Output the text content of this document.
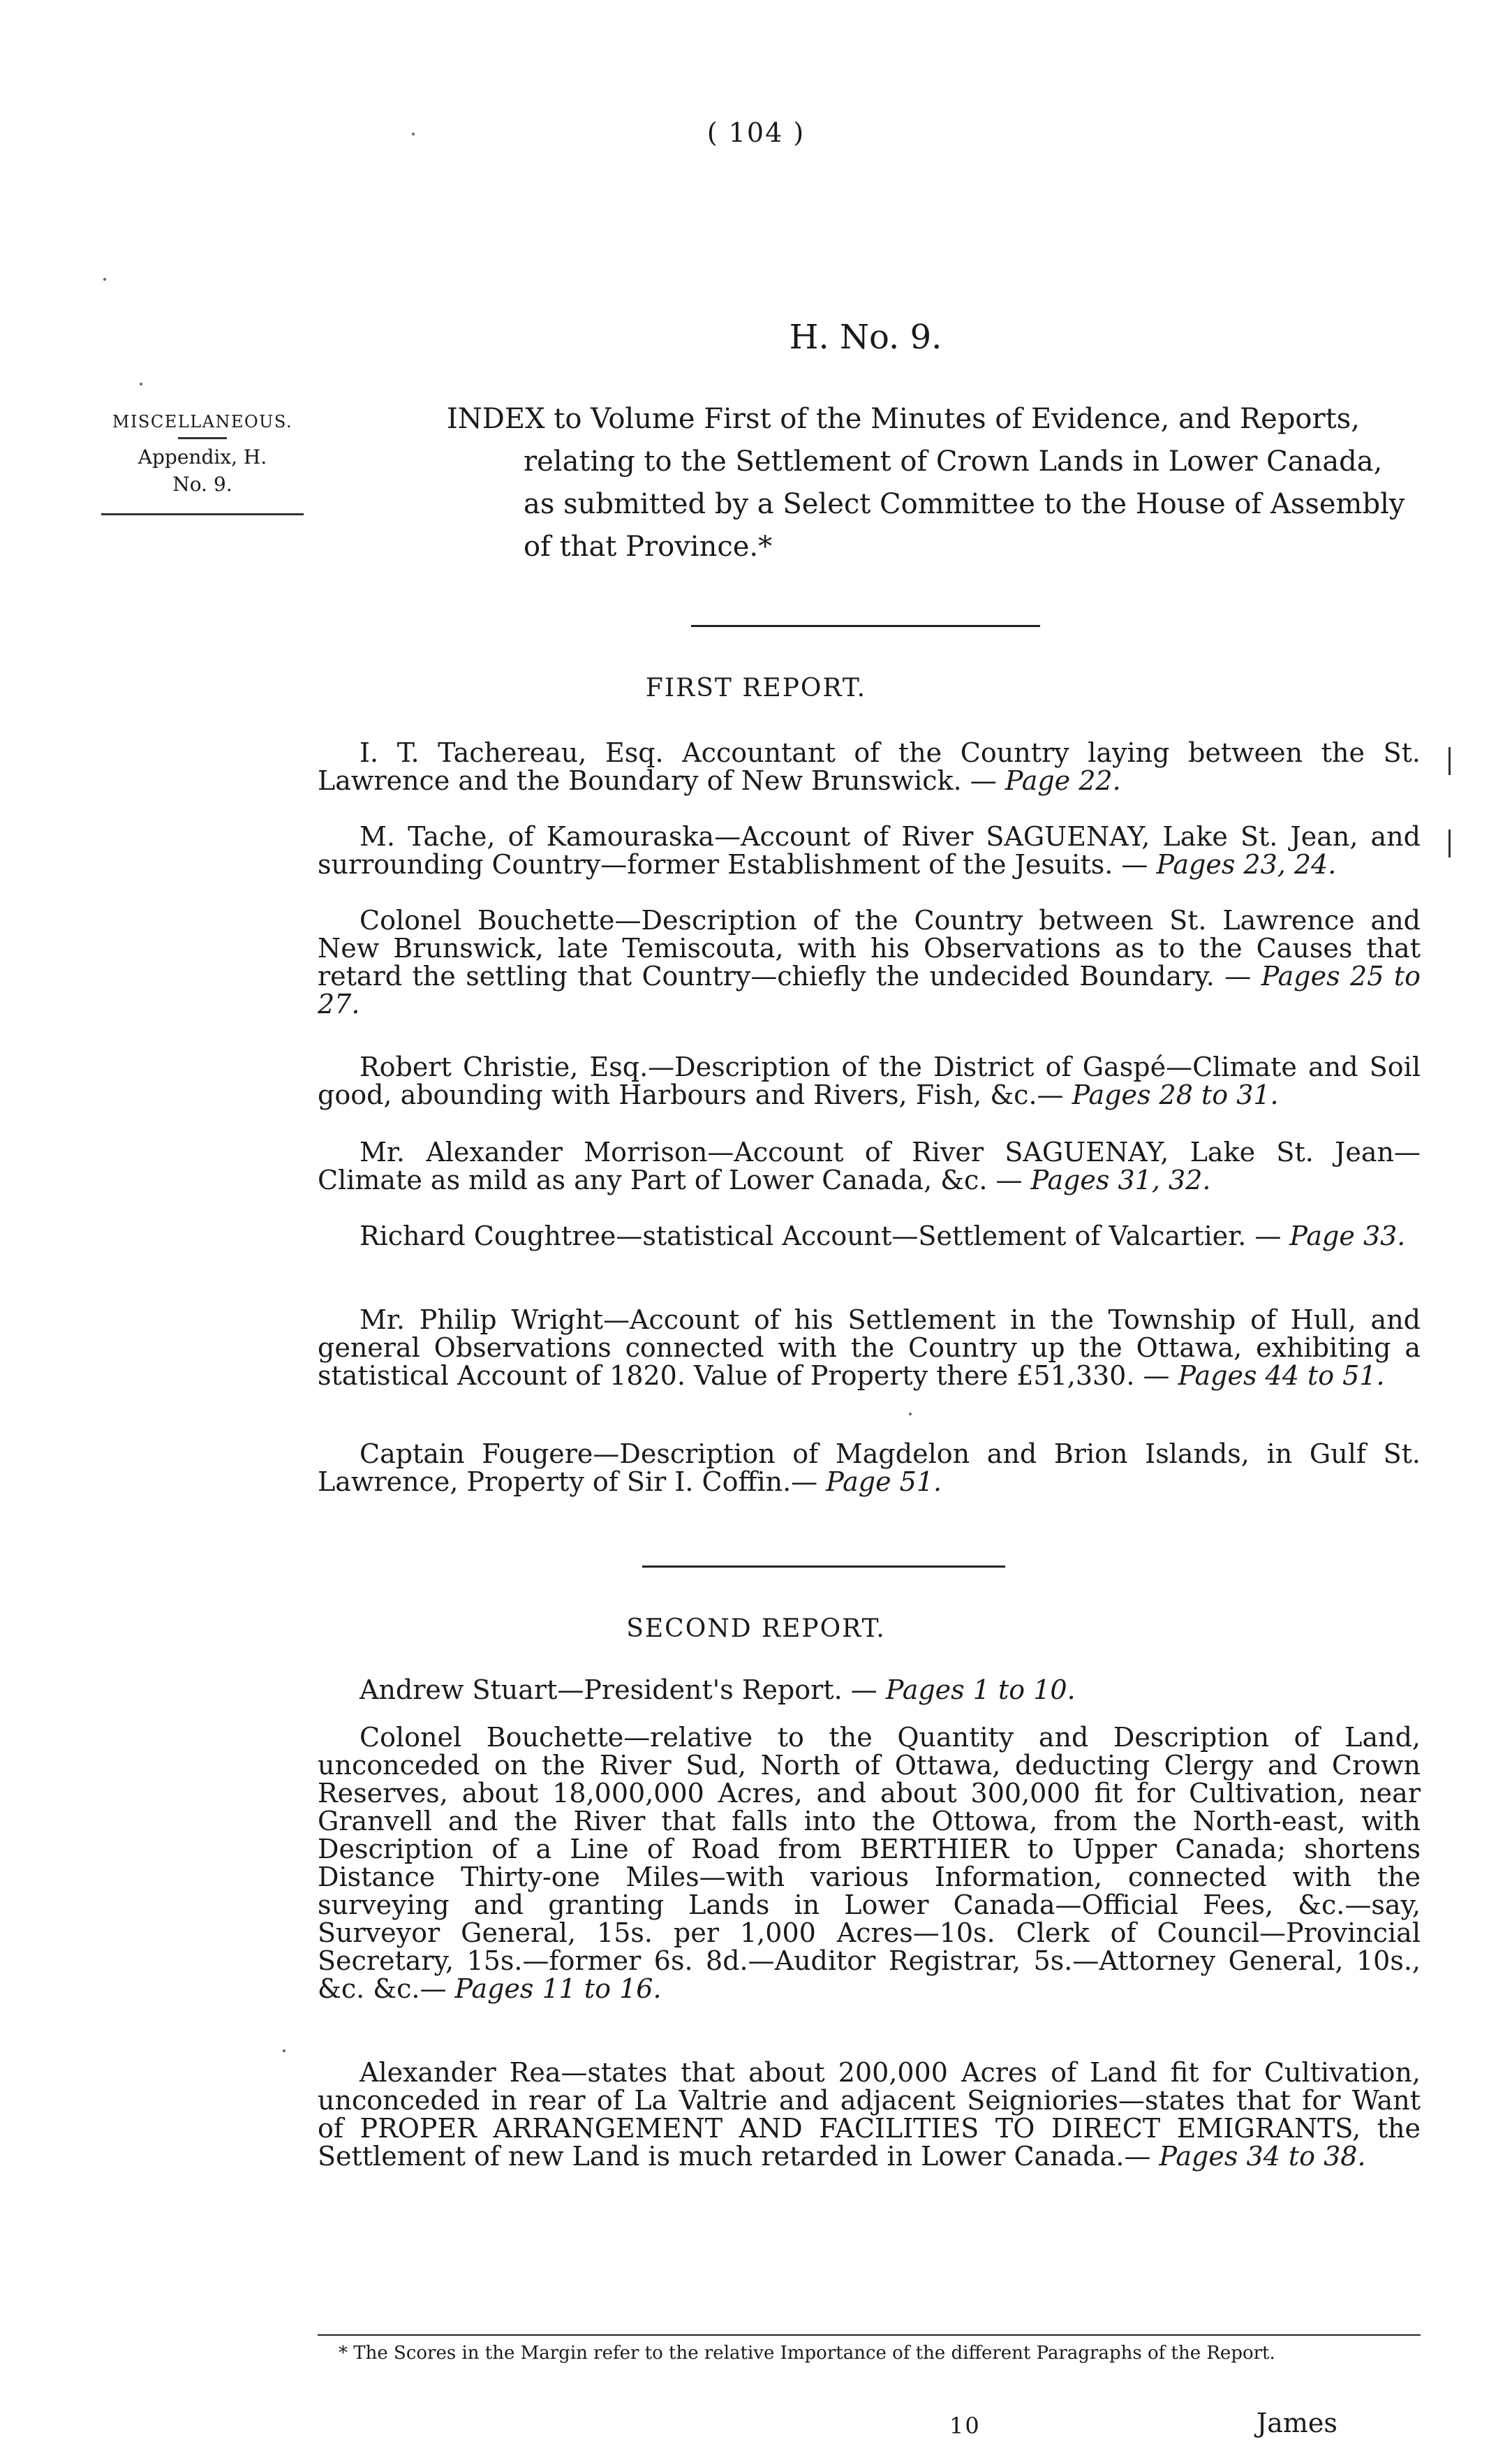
( 104 )
H. No. 9.
MISCELLANEOUS.
Appendix, H.
No. 9.
INDEX to Volume First of the Minutes of Evidence, and Reports,
relating to the Settlement of Crown Lands in Lower Canada,
as submitted by a Select Committee to the House of Assembly
of that Province.*
FIRST REPORT.
I. T. Tachereau, Esq. Accountant of the Country laying between the St. Lawrence and the Boundary of New Brunswick. — Page 22.
M. Tache, of Kamouraska—Account of River SAGUENAY, Lake St. Jean, and surrounding Country—former Establishment of the Jesuits. — Pages 23, 24.
Colonel Bouchette—Description of the Country between St. Lawrence and New Brunswick, late Temiscouta, with his Observations as to the Causes that retard the settling that Country—chiefly the undecided Boundary. — Pages 25 to 27.
Robert Christie, Esq.—Description of the District of Gaspé—Climate and Soil good, abounding with Harbours and Rivers, Fish, &c.— Pages 28 to 31.
Mr. Alexander Morrison—Account of River SAGUENAY, Lake St. Jean—Climate as mild as any Part of Lower Canada, &c. — Pages 31, 32.
Richard Coughtree—statistical Account—Settlement of Valcartier. — Page 33.
Mr. Philip Wright—Account of his Settlement in the Township of Hull, and general Observations connected with the Country up the Ottawa, exhibiting a statistical Account of 1820. Value of Property there £51,330. — Pages 44 to 51.
Captain Fougere—Description of Magdelon and Brion Islands, in Gulf St. Lawrence, Property of Sir I. Coffin.— Page 51.
SECOND REPORT.
Andrew Stuart—President's Report. — Pages 1 to 10.
Colonel Bouchette—relative to the Quantity and Description of Land, unconceded on the River Sud, North of Ottawa, deducting Clergy and Crown Reserves, about 18,000,000 Acres, and about 300,000 fit for Cultivation, near Granvell and the River that falls into the Ottowa, from the North-east, with Description of a Line of Road from BERTHIER to Upper Canada; shortens Distance Thirty-one Miles—with various Information, connected with the surveying and granting Lands in Lower Canada—Official Fees, &c.—say, Surveyor General, 15s. per 1,000 Acres—10s. Clerk of Council—Provincial Secretary, 15s.—former 6s. 8d.—Auditor Registrar, 5s.—Attorney General, 10s., &c. &c.— Pages 11 to 16.
Alexander Rea—states that about 200,000 Acres of Land fit for Cultivation, unconceded in rear of La Valtrie and adjacent Seigniories—states that for Want of PROPER ARRANGEMENT AND FACILITIES TO DIRECT EMIGRANTS, the Settlement of new Land is much retarded in Lower Canada.— Pages 34 to 38.
* The Scores in the Margin refer to the relative Importance of the different Paragraphs of the Report.
10	James
